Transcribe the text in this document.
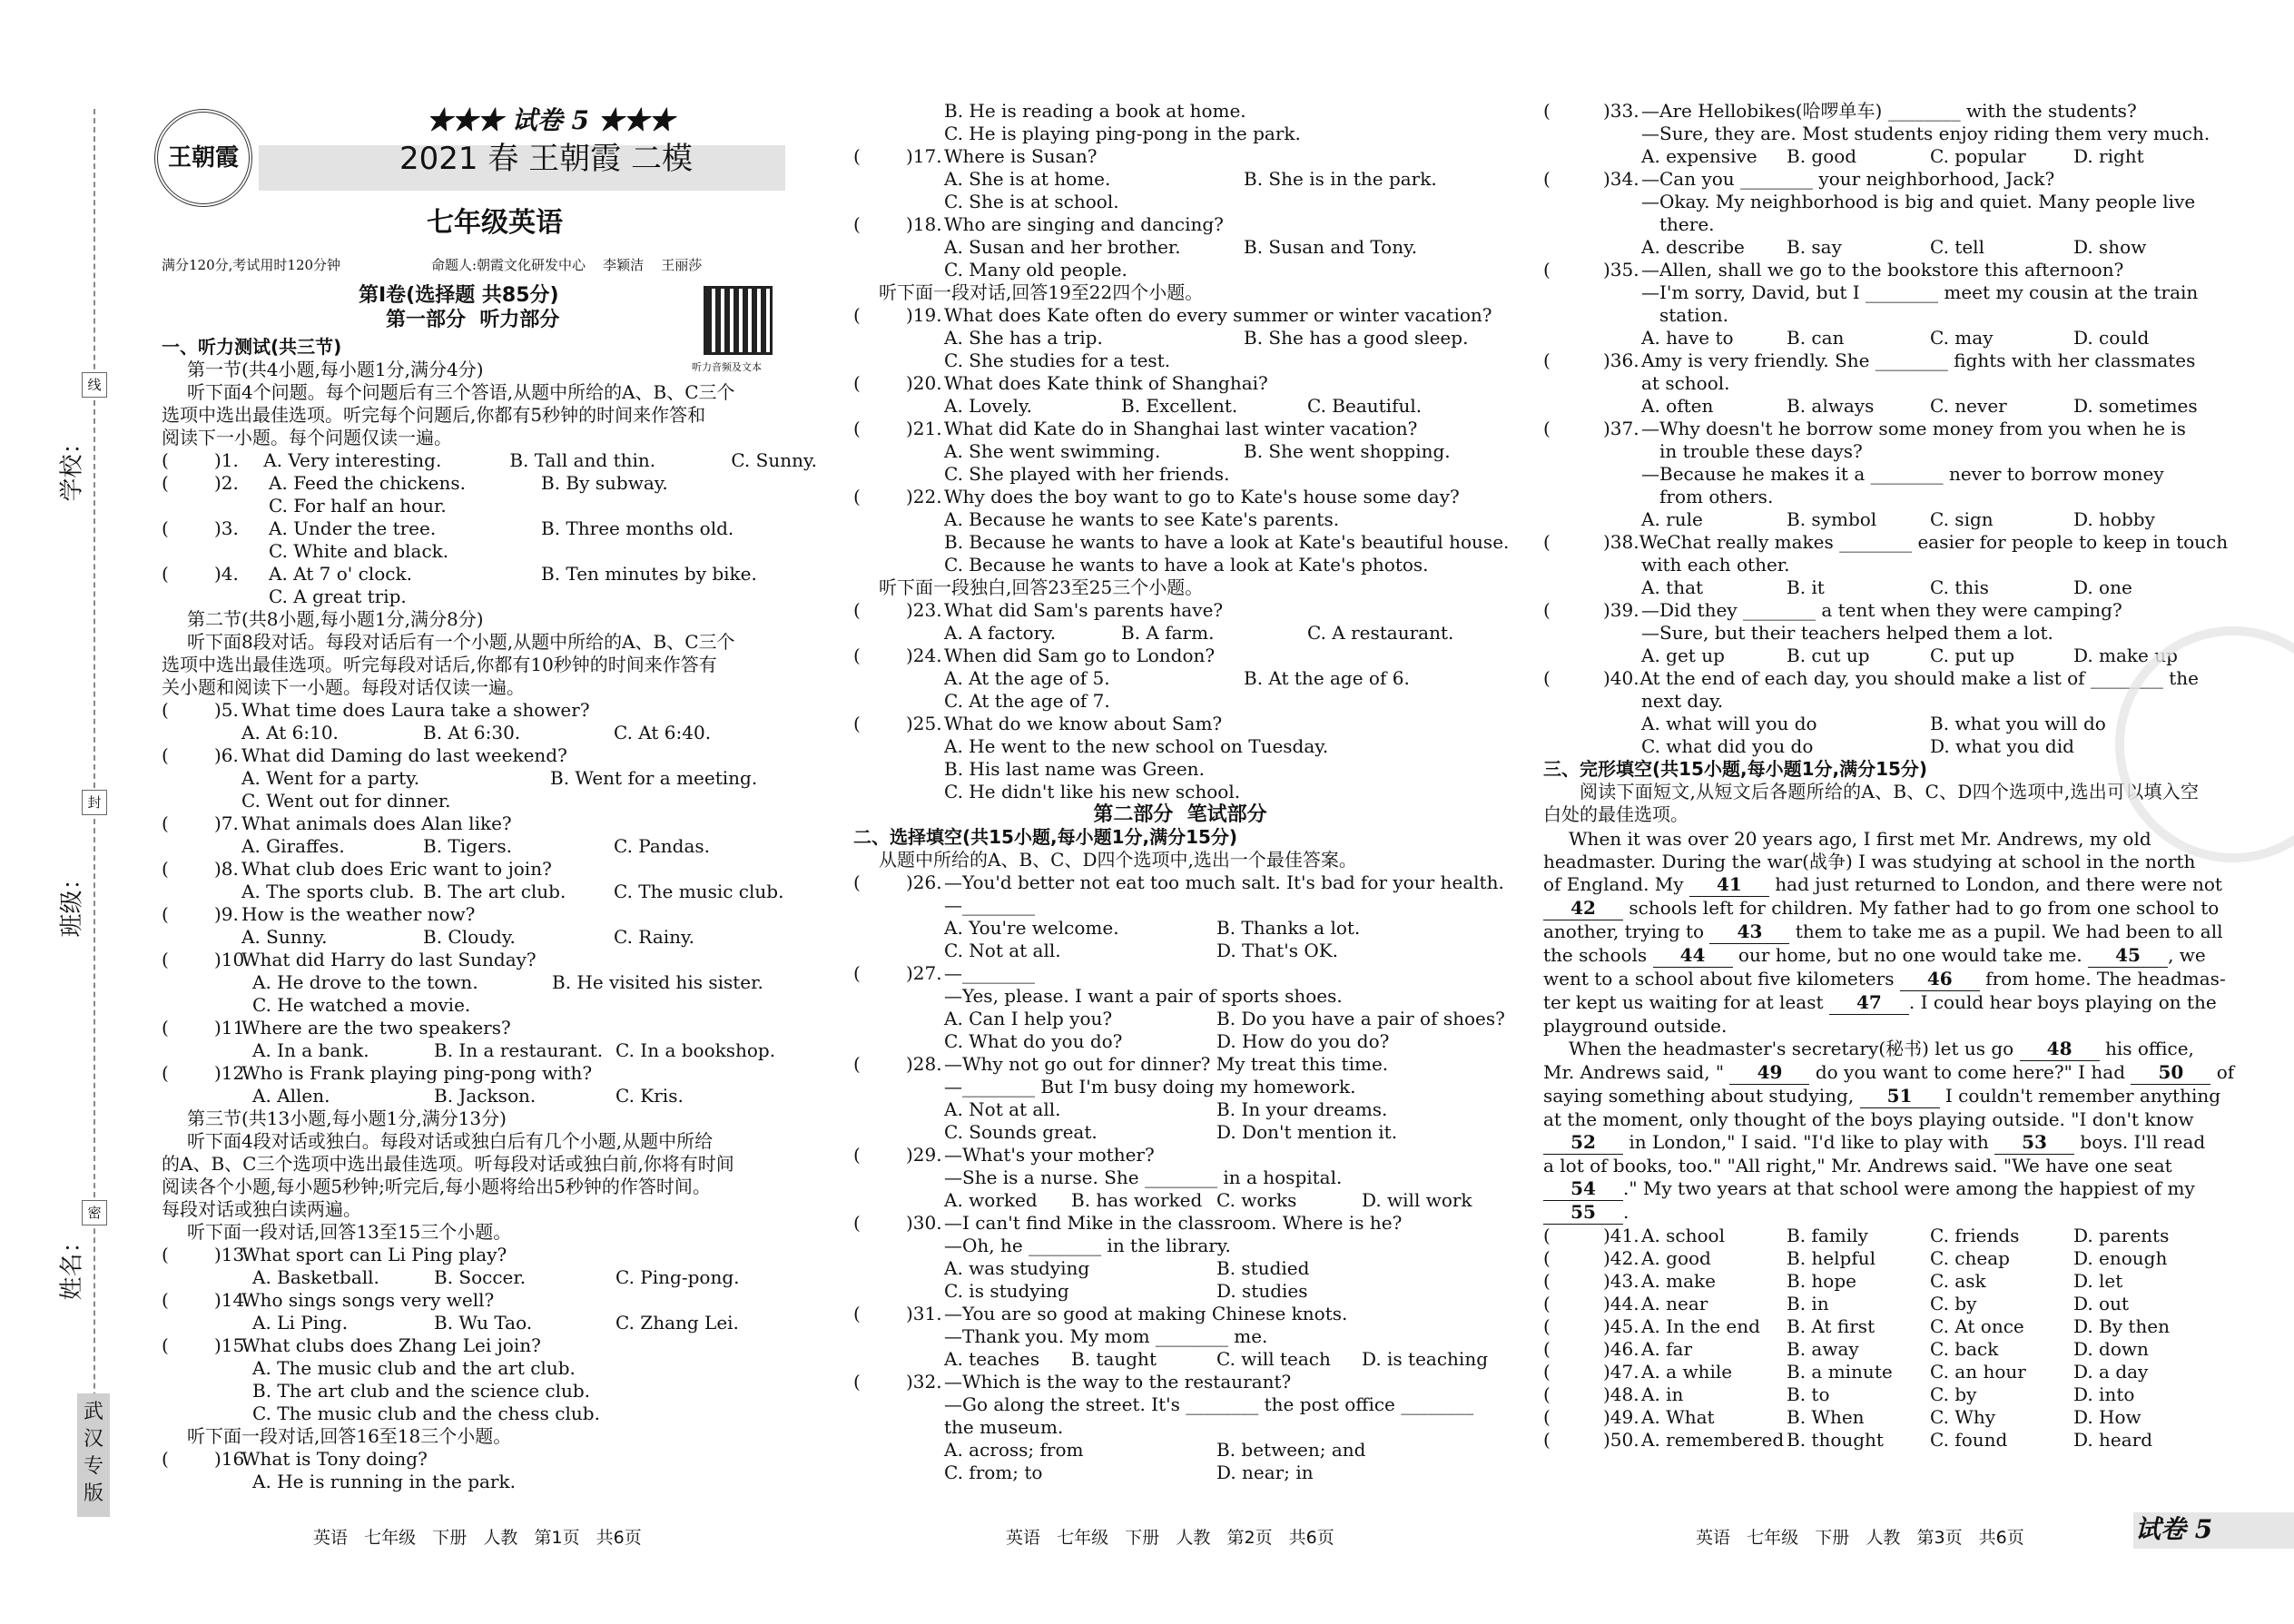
学校：
班级：
姓名：
线
封
密
武
汉
专
版
王朝霞
★★★ 试卷 5 ★★★
2021 春 王朝霞 二模
七年级英语
满分120分,考试用时120分钟	命题人:朝霞文化研发中心    李颖洁    王丽莎
第Ⅰ卷(选择题 共85分)
第一部分  听力部分
听力音频及文本
一、听力测试(共三节)
第一节(共4小题,每小题1分,满分4分)
听下面4个问题。每个问题后有三个答语,从题中所给的A、B、C三个
选项中选出最佳选项。听完每个问题后,你都有5秒钟的时间来作答和
阅读下一小题。每个问题仅读一遍。
(	)1.	A. Very interesting.	B. Tall and thin.	C. Sunny.
(	)2.	A. Feed the chickens.	B. By subway.
C. For half an hour.
(	)3.	A. Under the tree.	B. Three months old.
C. White and black.
(	)4.	A. At 7 o' clock.	B. Ten minutes by bike.
C. A great trip.
第二节(共8小题,每小题1分,满分8分)
听下面8段对话。每段对话后有一个小题,从题中所给的A、B、C三个
选项中选出最佳选项。听完每段对话后,你都有10秒钟的时间来作答有
关小题和阅读下一小题。每段对话仅读一遍。
(	)5. What time does Laura take a shower?
A. At 6:10.	B. At 6:30.	C. At 6:40.
(	)6. What did Daming do last weekend?
A. Went for a party.	B. Went for a meeting.
C. Went out for dinner.
(	)7. What animals does Alan like?
A. Giraffes.	B. Tigers.	C. Pandas.
(	)8. What club does Eric want to join?
A. The sports club. B. The art club.	C. The music club.
(	)9. How is the weather now?
A. Sunny.	B. Cloudy.	C. Rainy.
(	)10.
What did Harry do last Sunday?
A. He drove to the town.	B. He visited his sister.
C. He watched a movie.
(	)11.
Where are the two speakers?
A. In a bank.	B. In a restaurant. C. In a bookshop.
(	)12.
Who is Frank playing ping-pong with?
A. Allen.	B. Jackson.	C. Kris.
第三节(共13小题,每小题1分,满分13分)
听下面4段对话或独白。每段对话或独白后有几个小题,从题中所给
的A、B、C三个选项中选出最佳选项。听每段对话或独白前,你将有时间
阅读各个小题,每小题5秒钟;听完后,每小题将给出5秒钟的作答时间。
每段对话或独白读两遍。
听下面一段对话,回答13至15三个小题。
(	)13.
What sport can Li Ping play?
A. Basketball.	B. Soccer.	C. Ping-pong.
(	)14.
Who sings songs very well?
A. Li Ping.	B. Wu Tao.	C. Zhang Lei.
(	)15.
What clubs does Zhang Lei join?
A. The music club and the art club.
B. The art club and the science club.
C. The music club and the chess club.
听下面一段对话,回答16至18三个小题。
(	)16.
What is Tony doing?
A. He is running in the park.
B. He is reading a book at home.
C. He is playing ping-pong in the park.
(	)17. Where is Susan?
A. She is at home.	B. She is in the park.
C. She is at school.
(	)18. Who are singing and dancing?
A. Susan and her brother.	B. Susan and Tony.
C. Many old people.
听下面一段对话,回答19至22四个小题。
(	)19. What does Kate often do every summer or winter vacation?
A. She has a trip.	B. She has a good sleep.
C. She studies for a test.
(	)20. What does Kate think of Shanghai?
A. Lovely.	B. Excellent.	C. Beautiful.
(	)21. What did Kate do in Shanghai last winter vacation?
A. She went swimming.	B. She went shopping.
C. She played with her friends.
(	)22. Why does the boy want to go to Kate's house some day?
A. Because he wants to see Kate's parents.
B. Because he wants to have a look at Kate's beautiful house.
C. Because he wants to have a look at Kate's photos.
听下面一段独白,回答23至25三个小题。
(	)23. What did Sam's parents have?
A. A factory.	B. A farm.	C. A restaurant.
(	)24. When did Sam go to London?
A. At the age of 5.	B. At the age of 6.
C. At the age of 7.
(	)25. What do we know about Sam?
A. He went to the new school on Tuesday.
B. His last name was Green.
C. He didn't like his new school.
第二部分  笔试部分
二、选择填空(共15小题,每小题1分,满分15分)
从题中所给的A、B、C、D四个选项中,选出一个最佳答案。
(	)26. —You'd better not eat too much salt. It's bad for your health.
—________
A. You're welcome.	B. Thanks a lot.
C. Not at all.	D. That's OK.
(	)27. —________
—Yes, please. I want a pair of sports shoes.
A. Can I help you?	B. Do you have a pair of shoes?
C. What do you do?	D. How do you do?
(	)28. —Why not go out for dinner? My treat this time.
—________ But I'm busy doing my homework.
A. Not at all.	B. In your dreams.
C. Sounds great.	D. Don't mention it.
(	)29. —What's your mother?
—She is a nurse. She ________ in a hospital.
A. worked	B. has worked C. works	D. will work
(	)30. —I can't find Mike in the classroom. Where is he?
—Oh, he ________ in the library.
A. was studying	B. studied
C. is studying	D. studies
(	)31. —You are so good at making Chinese knots.
—Thank you. My mom ________ me.
A. teaches	B. taught	C. will teach	D. is teaching
(	)32. —Which is the way to the restaurant?
—Go along the street. It's ________ the post office ________
the museum.
A. across; from	B. between; and
C. from; to	D. near; in
(	)33. —Are Hellobikes(哈啰单车) ________ with the students?
—Sure, they are. Most students enjoy riding them very much.
A. expensive	B. good	C. popular	D. right
(	)34. —Can you ________ your neighborhood, Jack?
—Okay. My neighborhood is big and quiet. Many people live
there.
A. describe	B. say	C. tell	D. show
(	)35. —Allen, shall we go to the bookstore this afternoon?
—I'm sorry, David, but I ________ meet my cousin at the train
station.
A. have to	B. can	C. may	D. could
(	)36. Amy is very friendly. She ________ fights with her classmates
at school.
A. often	B. always	C. never	D. sometimes
(	)37. —Why doesn't he borrow some money from you when he is
in trouble these days?
—Because he makes it a ________ never to borrow money
from others.
A. rule	B. symbol	C. sign	D. hobby
(	)38. WeChat really makes ________ easier for people to keep in touch
with each other.
A. that	B. it	C. this	D. one
(	)39. —Did they ________ a tent when they were camping?
—Sure, but their teachers helped them a lot.
A. get up	B. cut up	C. put up	D. make up
(	)40. At the end of each day, you should make a list of ________ the
next day.
A. what will you do	B. what you will do
C. what did you do	D. what you did
三、完形填空(共15小题,每小题1分,满分15分)
阅读下面短文,从短文后各题所给的A、B、C、D四个选项中,选出可以填入空白处的最佳选项。
When it was over 20 years ago, I first met Mr. Andrews, my old
headmaster. During the war(战争) I was studying at school in the north
of England. My 41 had just returned to London, and there were not
42 schools left for children. My father had to go from one school to
another, trying to 43 them to take me as a pupil. We had been to all
the schools 44 our home, but no one would take me. 45 , we
went to a school about five kilometers 46 from home. The headmas-
ter kept us waiting for at least 47 . I could hear boys playing on the
playground outside.
When the headmaster's secretary(秘书) let us go 48 his office,
Mr. Andrews said, " 49 do you want to come here?" I had 50 of
saying something about studying, 51 I couldn't remember anything
at the moment, only thought of the boys playing outside. "I don't know
52 in London," I said. "I'd like to play with 53 boys. I'll read
a lot of books, too." "All right," Mr. Andrews said. "We have one seat
54 ." My two years at that school were among the happiest of my
55 .
(	)41. A. school	B. family	C. friends	D. parents
(	)42. A. good	B. helpful	C. cheap	D. enough
(	)43. A. make	B. hope	C. ask	D. let
(	)44. A. near	B. in	C. by	D. out
(	)45. A. In the end	B. At first	C. At once	D. By then
(	)46. A. far	B. away	C. back	D. down
(	)47. A. a while	B. a minute	C. an hour	D. a day
(	)48. A. in	B. to	C. by	D. into
(	)49. A. What	B. When	C. Why	D. How
(	)50. A. remembered B. thought	C. found	D. heard
英语   七年级   下册   人教   第1页   共6页	英语   七年级   下册   人教   第2页   共6页	英语   七年级   下册   人教   第3页   共6页	试卷 5
